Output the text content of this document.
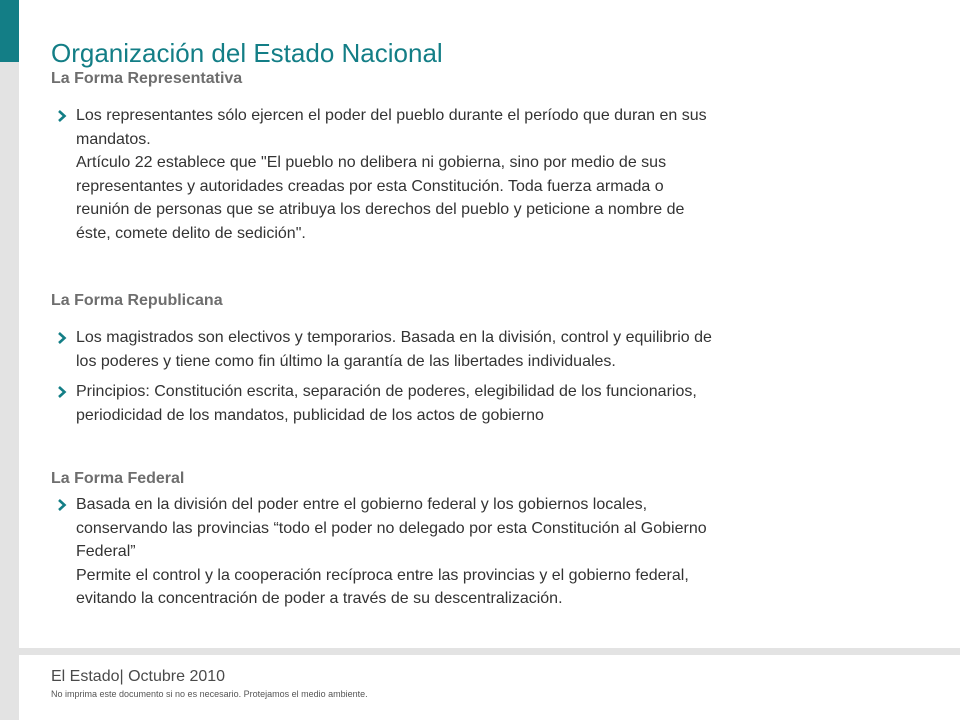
Organización del Estado Nacional
La Forma Representativa
Los representantes sólo ejercen el poder del pueblo durante el período que duran en sus
mandatos.
Artículo 22 establece que "El pueblo no delibera ni gobierna, sino por medio de sus
representantes y autoridades creadas por esta Constitución. Toda fuerza armada o
reunión de personas que se atribuya los derechos del pueblo y peticione a nombre de
éste, comete delito de sedición".
La Forma Republicana
Los magistrados son electivos y temporarios. Basada en la división, control y equilibrio de
los poderes y tiene como fin último la garantía de las libertades individuales.
Principios: Constitución escrita, separación de poderes, elegibilidad de los funcionarios,
periodicidad de los mandatos, publicidad de los actos de gobierno
La Forma Federal
Basada en la división del poder entre el gobierno federal y los gobiernos locales,
conservando las provincias “todo el poder no delegado por esta Constitución al Gobierno
Federal”
Permite el control y la cooperación recíproca entre las provincias y el gobierno federal,
evitando la concentración de poder a través de su descentralización.
El Estado| Octubre 2010
No imprima este documento si no es necesario. Protejamos el medio ambiente.
